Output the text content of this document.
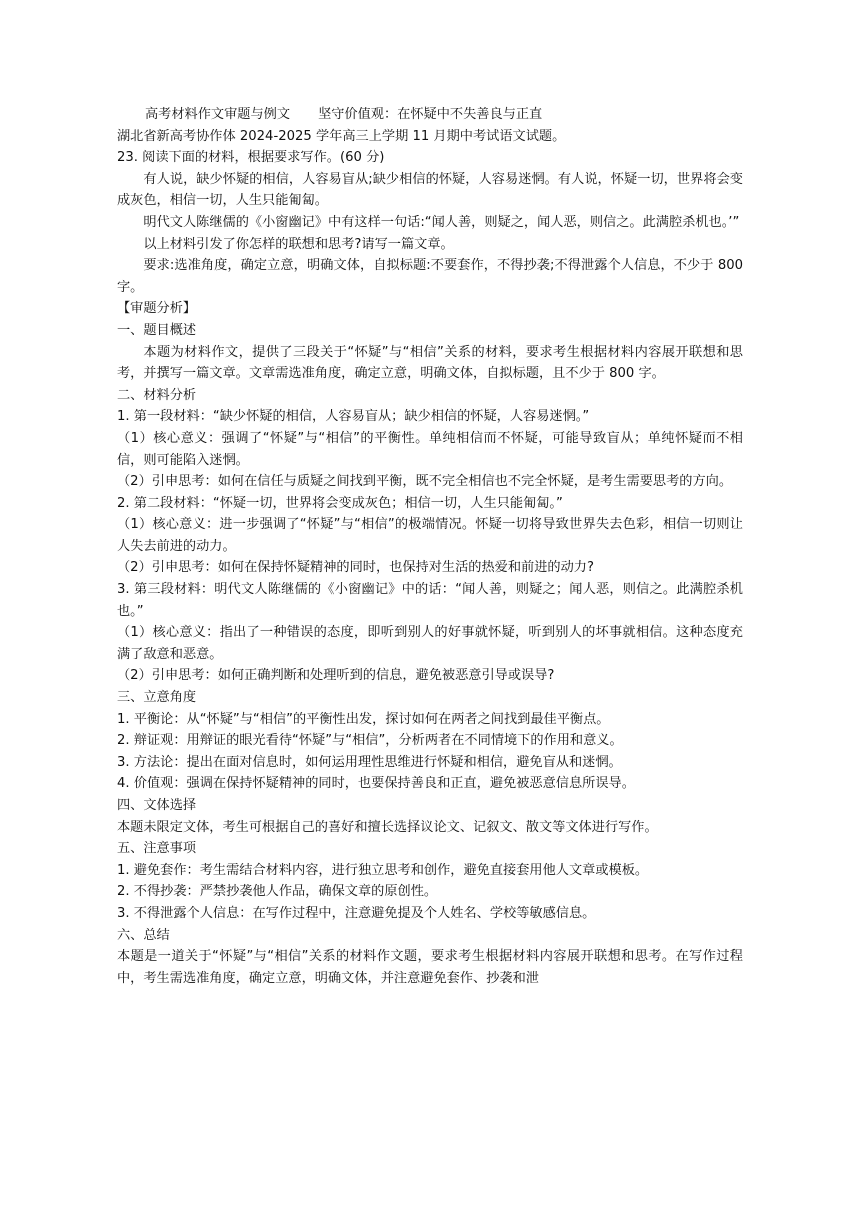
高考材料作文审题与例文 坚守价值观：在怀疑中不失善良与正直

湖北省新高考协作体 2024-2025 学年高三上学期 11 月期中考试语文试题。

23. 阅读下面的材料，根据要求写作。(60 分)

有人说，缺少怀疑的相信，人容易盲从;缺少相信的怀疑，人容易迷惘。有人说，怀疑一切，世界将会变成灰色，相信一切，人生只能匍匐。

明代文人陈继儒的《小窗幽记》中有这样一句话:“闻人善，则疑之，闻人恶，则信之。此满腔杀机也。’”

以上材料引发了你怎样的联想和思考?请写一篇文章。

要求:选准角度，确定立意，明确文体，自拟标题:不要套作，不得抄袭;不得泄露个人信息，不少于 800 字。

【审题分析】

一、题目概述

本题为材料作文，提供了三段关于“怀疑”与“相信”关系的材料，要求考生根据材料内容展开联想和思考，并撰写一篇文章。文章需选准角度，确定立意，明确文体，自拟标题，且不少于 800 字。

二、材料分析

1. 第一段材料：“缺少怀疑的相信，人容易盲从；缺少相信的怀疑，人容易迷惘。”

（1）核心意义：强调了“怀疑”与“相信”的平衡性。单纯相信而不怀疑，可能导致盲从；单纯怀疑而不相信，则可能陷入迷惘。

（2）引申思考：如何在信任与质疑之间找到平衡，既不完全相信也不完全怀疑，是考生需要思考的方向。

2. 第二段材料：“怀疑一切，世界将会变成灰色；相信一切，人生只能匍匐。”

（1）核心意义：进一步强调了“怀疑”与“相信”的极端情况。怀疑一切将导致世界失去色彩，相信一切则让人失去前进的动力。

（2）引申思考：如何在保持怀疑精神的同时，也保持对生活的热爱和前进的动力?

3. 第三段材料：明代文人陈继儒的《小窗幽记》中的话：“闻人善，则疑之；闻人恶，则信之。此满腔杀机也。”

（1）核心意义：指出了一种错误的态度，即听到别人的好事就怀疑，听到别人的坏事就相信。这种态度充满了敌意和恶意。

（2）引申思考：如何正确判断和处理听到的信息，避免被恶意引导或误导?

三、立意角度

1. 平衡论：从“怀疑”与“相信”的平衡性出发，探讨如何在两者之间找到最佳平衡点。

2. 辩证观：用辩证的眼光看待“怀疑”与“相信”，分析两者在不同情境下的作用和意义。

3. 方法论：提出在面对信息时，如何运用理性思维进行怀疑和相信，避免盲从和迷惘。

4. 价值观：强调在保持怀疑精神的同时，也要保持善良和正直，避免被恶意信息所误导。

四、文体选择

本题未限定文体，考生可根据自己的喜好和擅长选择议论文、记叙文、散文等文体进行写作。

五、注意事项

1. 避免套作：考生需结合材料内容，进行独立思考和创作，避免直接套用他人文章或模板。

2. 不得抄袭：严禁抄袭他人作品，确保文章的原创性。

3. 不得泄露个人信息：在写作过程中，注意避免提及个人姓名、学校等敏感信息。

六、总结

本题是一道关于“怀疑”与“相信”关系的材料作文题，要求考生根据材料内容展开联想和思考。在写作过程中，考生需选准角度，确定立意，明确文体，并注意避免套作、抄袭和泄
